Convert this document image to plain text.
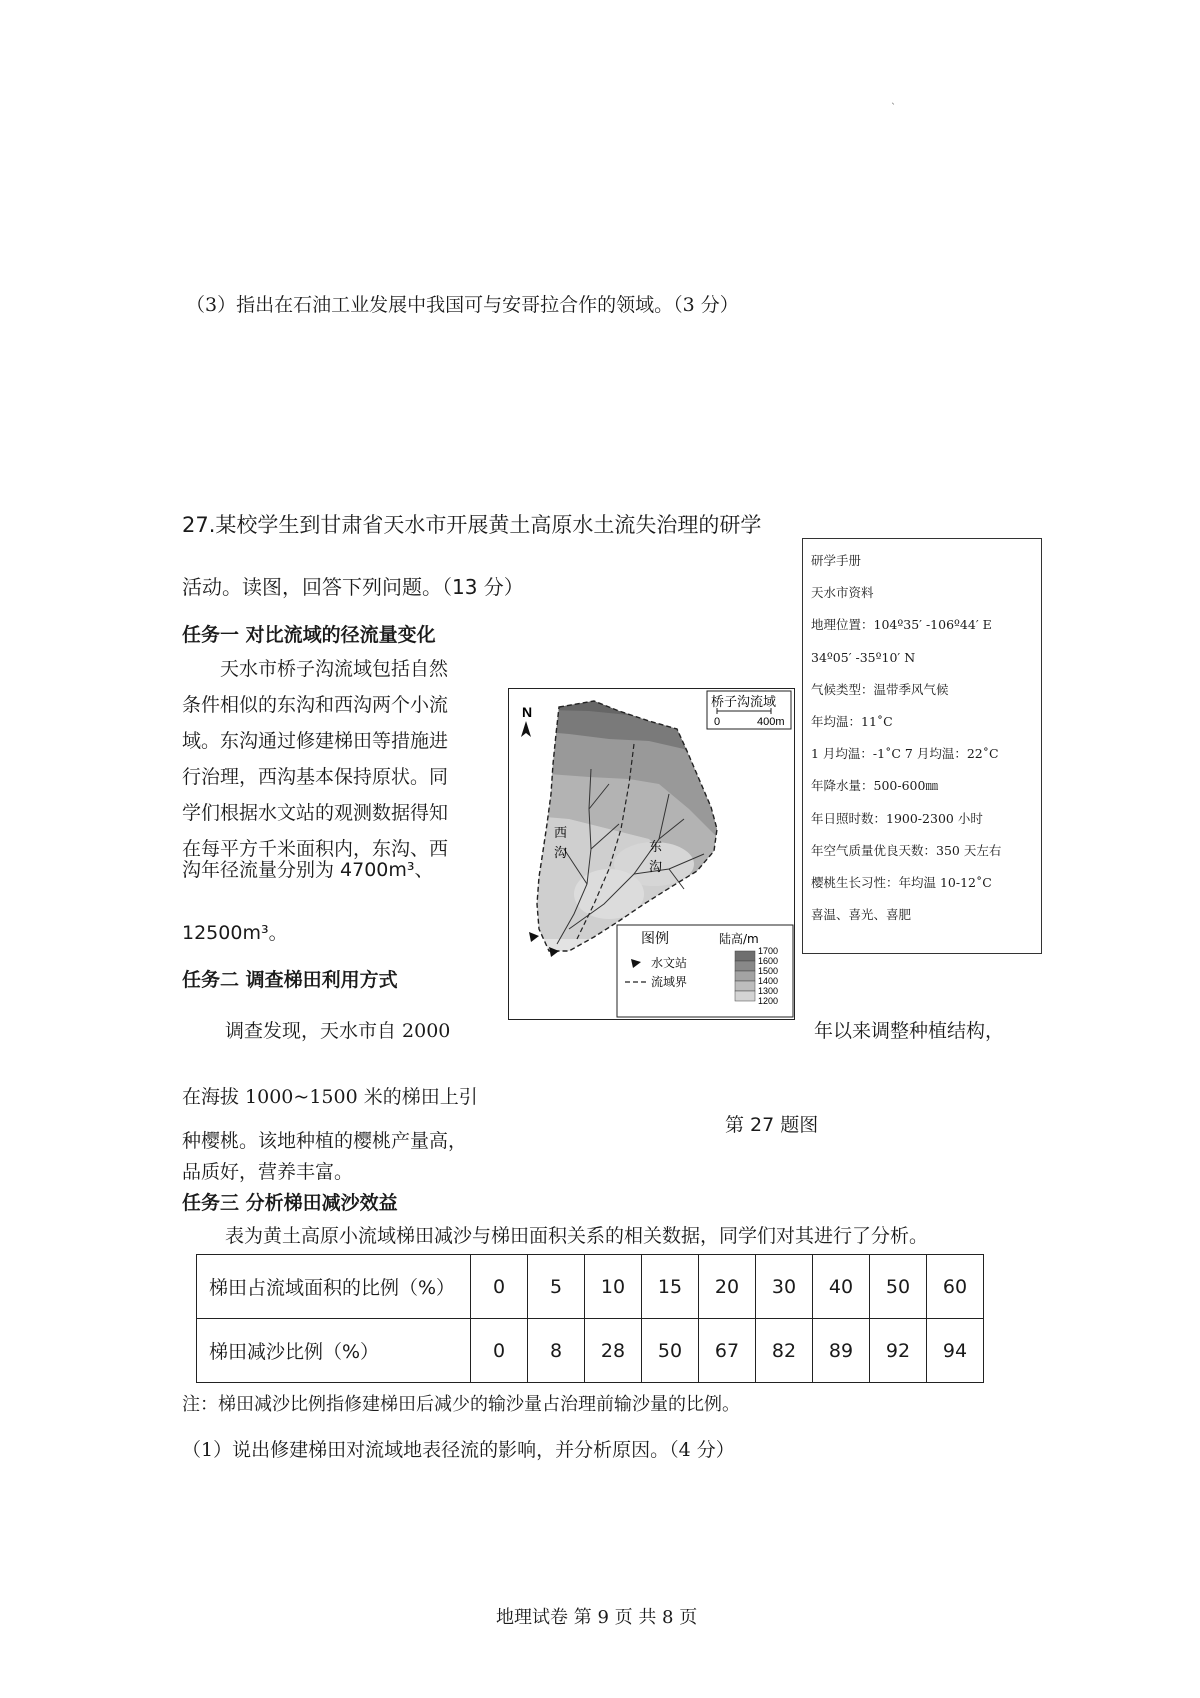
ˎ
（3）指出在石油工业发展中我国可与安哥拉合作的领域。（3 分）
27.某校学生到甘肃省天水市开展黄土高原水土流失治理的研学
活动。读图，回答下列问题。（13 分）
任务一 对比流域的径流量变化

天水市桥子沟流域包括自然

条件相似的东沟和西沟两个小流

域。东沟通过修建梯田等措施进

行治理，西沟基本保持原状。同

学们根据水文站的观测数据得知

在每平方千米面积内，东沟、西

沟年径流量分别为 4700m³、
12500m³。
任务二 调查梯田利用方式
调查发现，天水市自 2000	年以来调整种植结构，
在海拔 1000~1500 米的梯田上引
种樱桃。该地种植的樱桃产量高，
品质好，营养丰富。
第 27 题图
任务三 分析梯田减沙效益
表为黄土高原小流域梯田减沙与梯田面积关系的相关数据，同学们对其进行了分析。
梯田占流域面积的比例（%）	0	5	10	15	20	30	40	50	60
梯田减沙比例（%）	0	8	28	50	67	82	89	92	94
注：梯田减沙比例指修建梯田后减少的输沙量占治理前输沙量的比例。
（1）说出修建梯田对流域地表径流的影响，并分析原因。（4 分）
研学手册
天水市资料
地理位置：104º35′ -106º44′ E
34º05′ -35º10′ N
气候类型：温带季风气候
年均温：11˚C
1 月均温：-1˚C 7 月均温：22˚C
年降水量：500-600㎜
年日照时数：1900-2300 小时
年空气质量优良天数：350 天左右
樱桃生长习性：年均温 10-12˚C
喜温、喜光、喜肥
N
桥子沟流域
0	400m
西
沟	东
沟
图例	陆高/m
水文站
流域界
1700
1600
1500
1400
1300
1200
地理试卷 第 9 页 共 8 页
